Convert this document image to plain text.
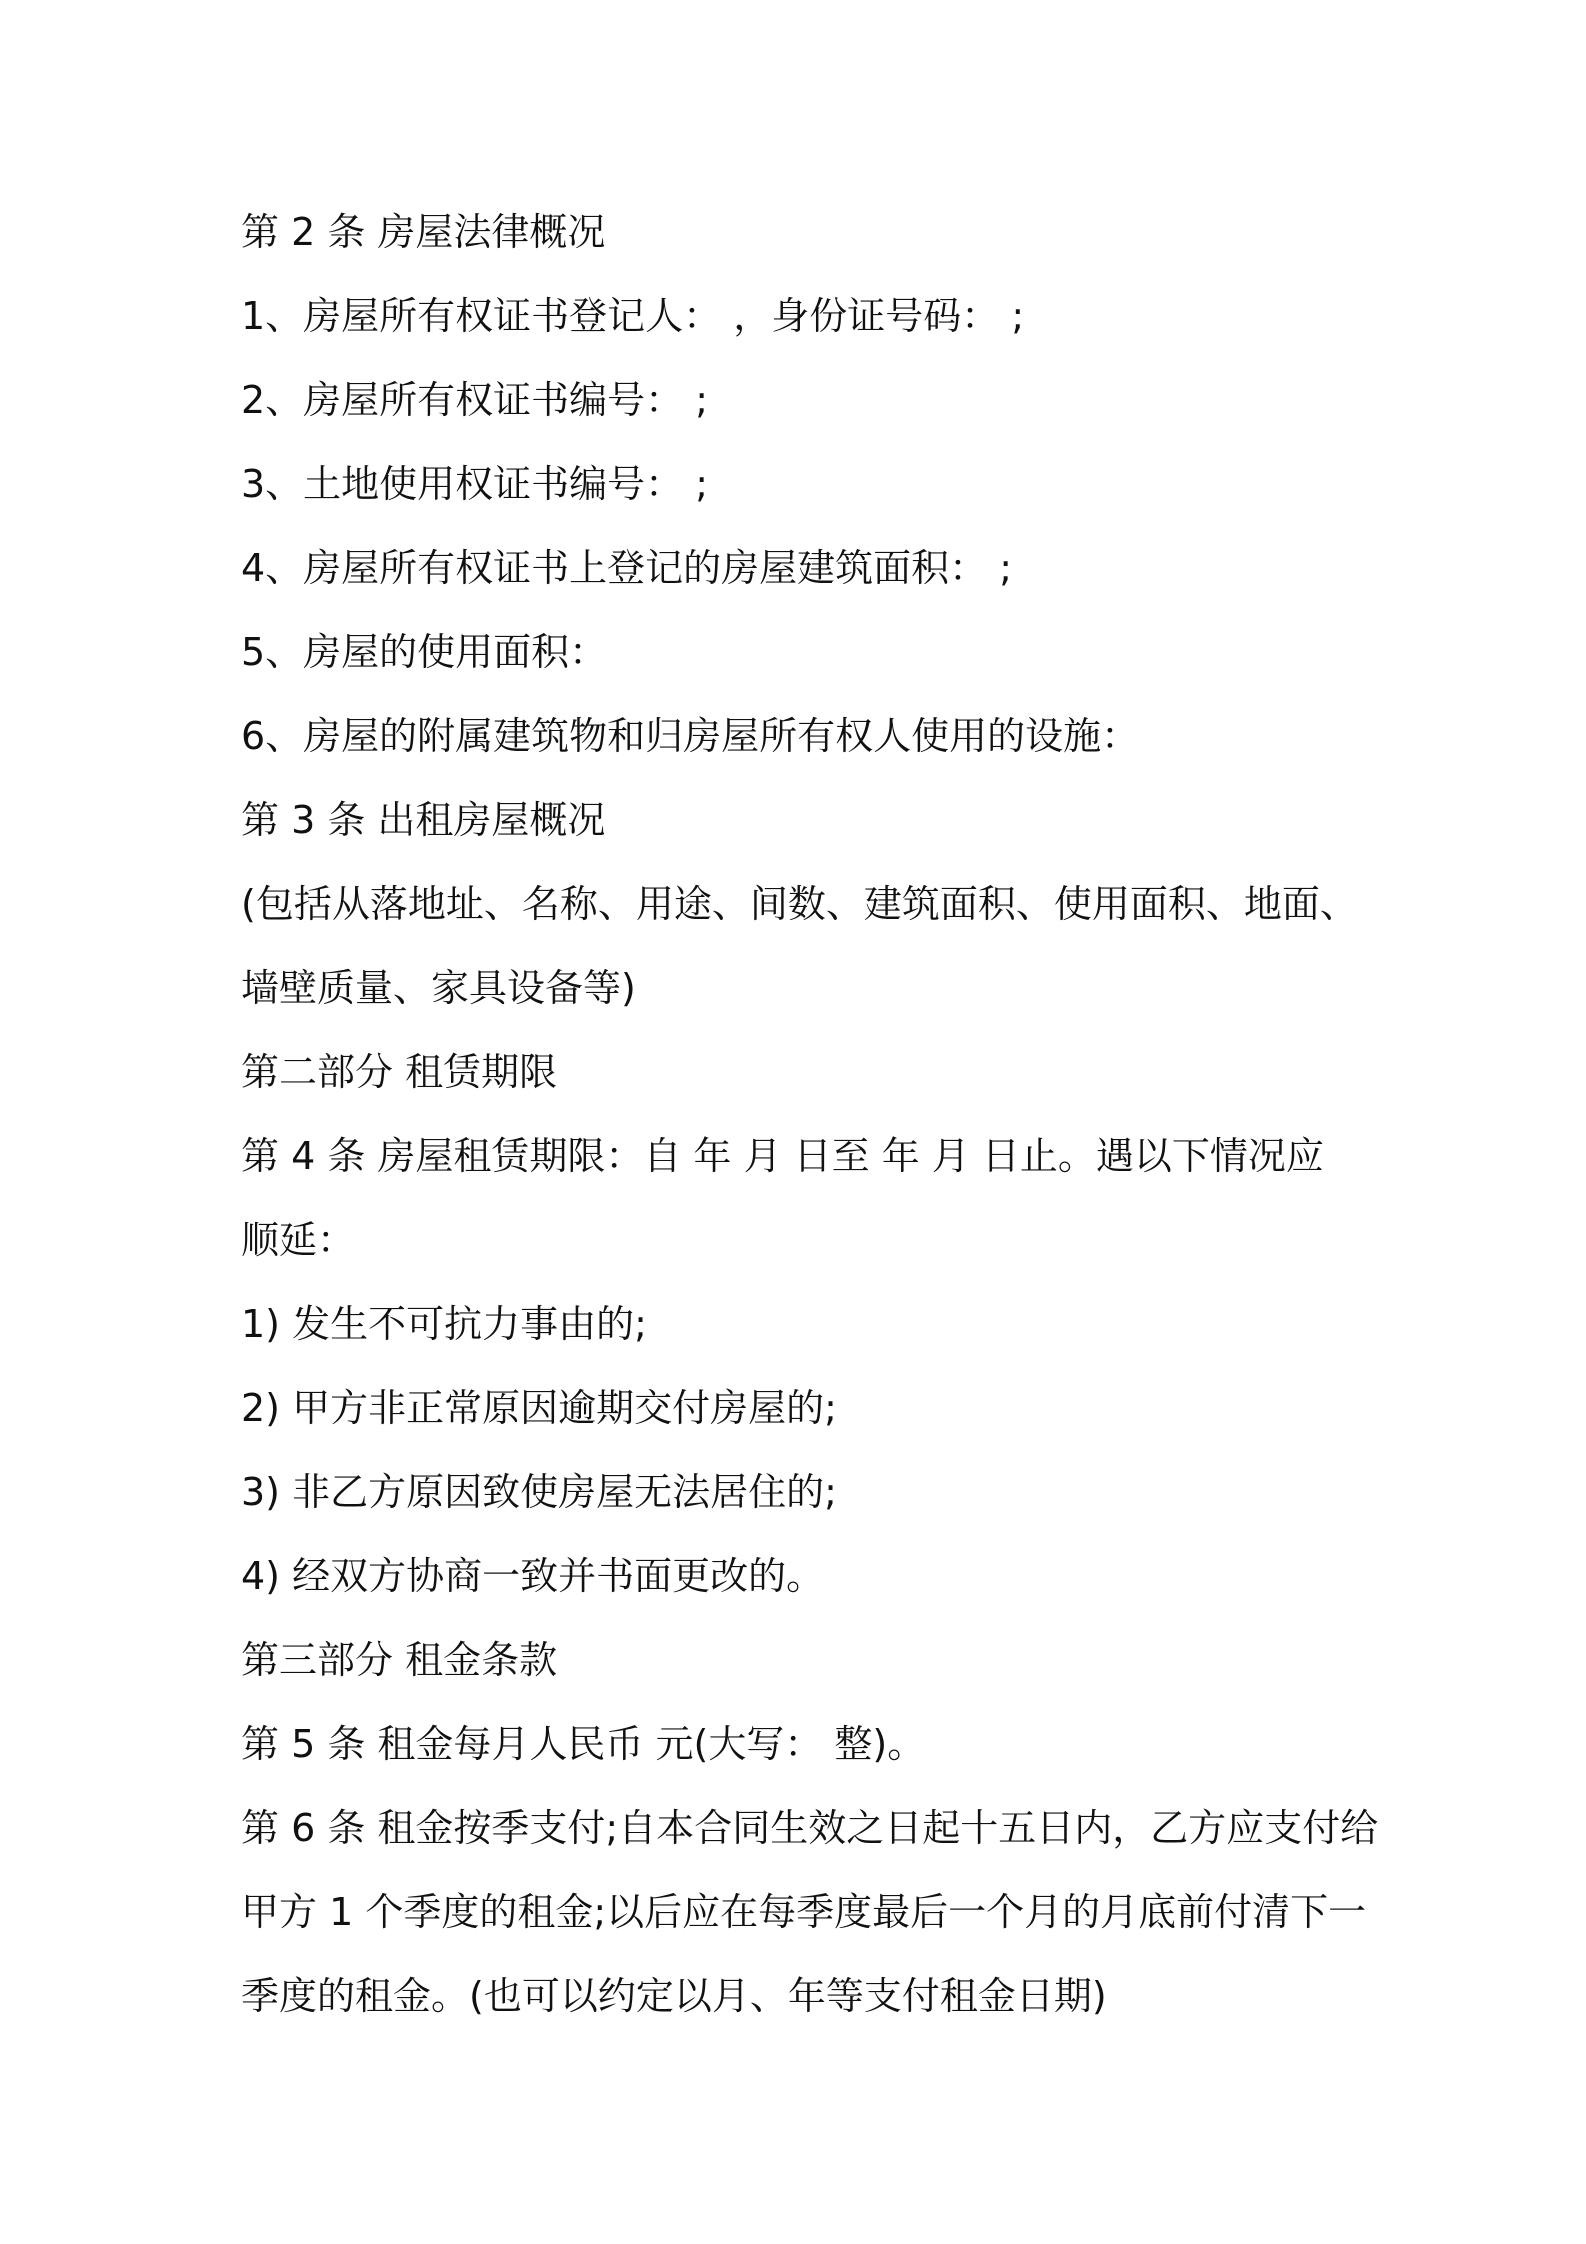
第 2 条 房屋法律概况
1、房屋所有权证书登记人： ，身份证号码： ;
2、房屋所有权证书编号： ;
3、土地使用权证书编号： ;
4、房屋所有权证书上登记的房屋建筑面积： ;
5、房屋的使用面积：
6、房屋的附属建筑物和归房屋所有权人使用的设施：
第 3 条 出租房屋概况
(包括从落地址、名称、用途、间数、建筑面积、使用面积、地面、
墙壁质量、家具设备等)
第二部分 租赁期限
第 4 条 房屋租赁期限：自 年 月 日至 年 月 日止。遇以下情况应
顺延：
1) 发生不可抗力事由的;
2) 甲方非正常原因逾期交付房屋的;
3) 非乙方原因致使房屋无法居住的;
4) 经双方协商一致并书面更改的。
第三部分 租金条款
第 5 条 租金每月人民币 元(大写： 整)。
第 6 条 租金按季支付;自本合同生效之日起十五日内，乙方应支付给
甲方 1 个季度的租金;以后应在每季度最后一个月的月底前付清下一
季度的租金。(也可以约定以月、年等支付租金日期)
